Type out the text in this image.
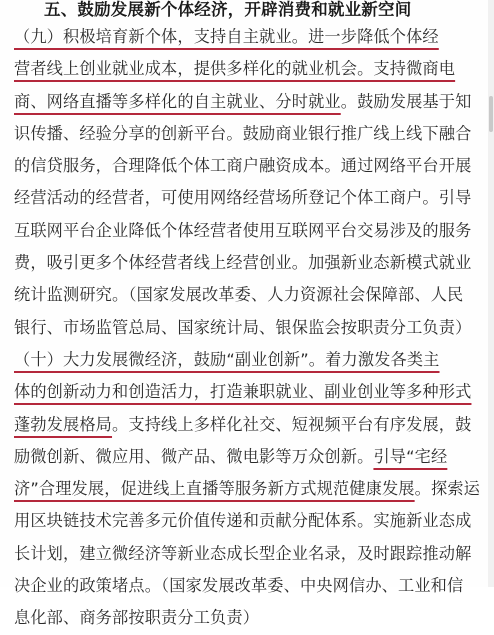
五、鼓励发展新个体经济，开辟消费和就业新空间
（九）积极培育新个体，支持自主就业。进一步降低个体经
营者线上创业就业成本，提供多样化的就业机会。支持微商电
商、网络直播等多样化的自主就业、分时就业。鼓励发展基于知
识传播、经验分享的创新平台。鼓励商业银行推广线上线下融合
的信贷服务，合理降低个体工商户融资成本。通过网络平台开展
经营活动的经营者，可使用网络经营场所登记个体工商户。引导
互联网平台企业降低个体经营者使用互联网平台交易涉及的服务
费，吸引更多个体经营者线上经营创业。加强新业态新模式就业
统计监测研究。（国家发展改革委、人力资源社会保障部、人民
银行、市场监管总局、国家统计局、银保监会按职责分工负责）
（十）大力发展微经济，鼓励“副业创新”。着力激发各类主
体的创新动力和创造活力，打造兼职就业、副业创业等多种形式
蓬勃发展格局。支持线上多样化社交、短视频平台有序发展，鼓
励微创新、微应用、微产品、微电影等万众创新。引导“宅经
济”合理发展，促进线上直播等服务新方式规范健康发展。探索运
用区块链技术完善多元价值传递和贡献分配体系。实施新业态成
长计划，建立微经济等新业态成长型企业名录，及时跟踪推动解
决企业的政策堵点。（国家发展改革委、中央网信办、工业和信
息化部、商务部按职责分工负责）
